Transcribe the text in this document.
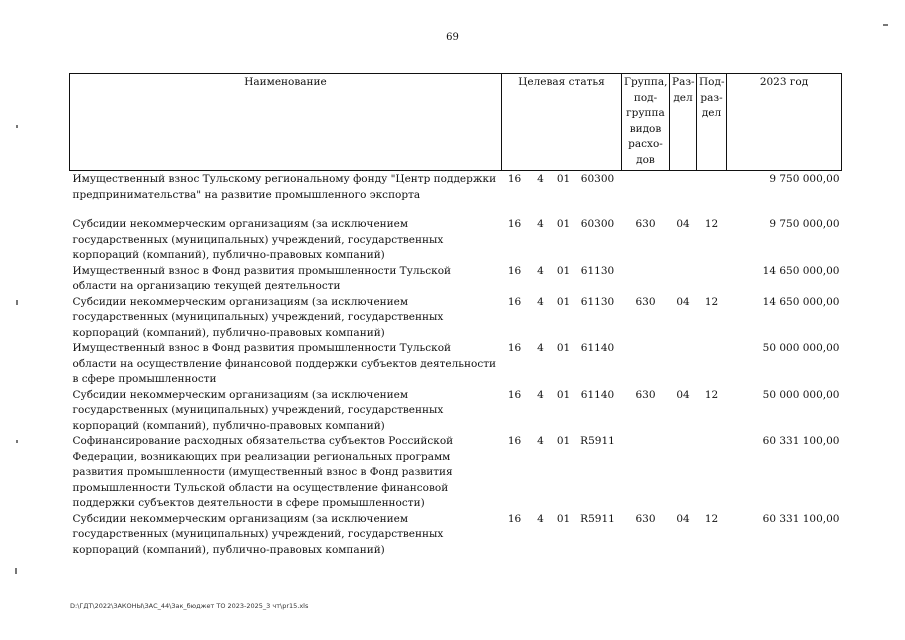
69
Наименование	Целевая статья				Группа, под- группа видов расхо- дов	Раз- дел	Под- раз- дел	2023 год
Имущественный взнос Тульскому региональному фонду "Центр поддержки предпринимательства" на развитие промышленного экспорта	16	4	01	60300				9 750 000,00

Субсидии некоммерческим организациям (за исключением государственных (муниципальных) учреждений, государственных корпораций (компаний), публично-правовых компаний)	16	4	01	60300	630	04	12	9 750 000,00
Имущественный взнос в Фонд развития промышленности Тульской области на организацию текущей деятельности	16	4	01	61130				14 650 000,00
Субсидии некоммерческим организациям (за исключением государственных (муниципальных) учреждений, государственных корпораций (компаний), публично-правовых компаний)	16	4	01	61130	630	04	12	14 650 000,00
Имущественный взнос в Фонд развития промышленности Тульской области на осуществление финансовой поддержки субъектов деятельности в сфере промышленности	16	4	01	61140				50 000 000,00
Субсидии некоммерческим организациям (за исключением государственных (муниципальных) учреждений, государственных корпораций (компаний), публично-правовых компаний)	16	4	01	61140	630	04	12	50 000 000,00
Софинансирование расходных обязательства субъектов Российской Федерации, возникающих при реализации региональных программ развития промышленности (имущественный взнос в Фонд развития промышленности Тульской области на осуществление финансовой поддержки субъектов деятельности в сфере промышленности)	16	4	01	R5911				60 331 100,00
Субсидии некоммерческим организациям (за исключением государственных (муниципальных) учреждений, государственных корпораций (компаний), публично-правовых компаний)	16	4	01	R5911	630	04	12	60 331 100,00
D:\ГДТ\2022\ЗАКОНЫ\ЗАС_44\Зак_бюджет ТО 2023-2025_3 чт\pr15.xls
